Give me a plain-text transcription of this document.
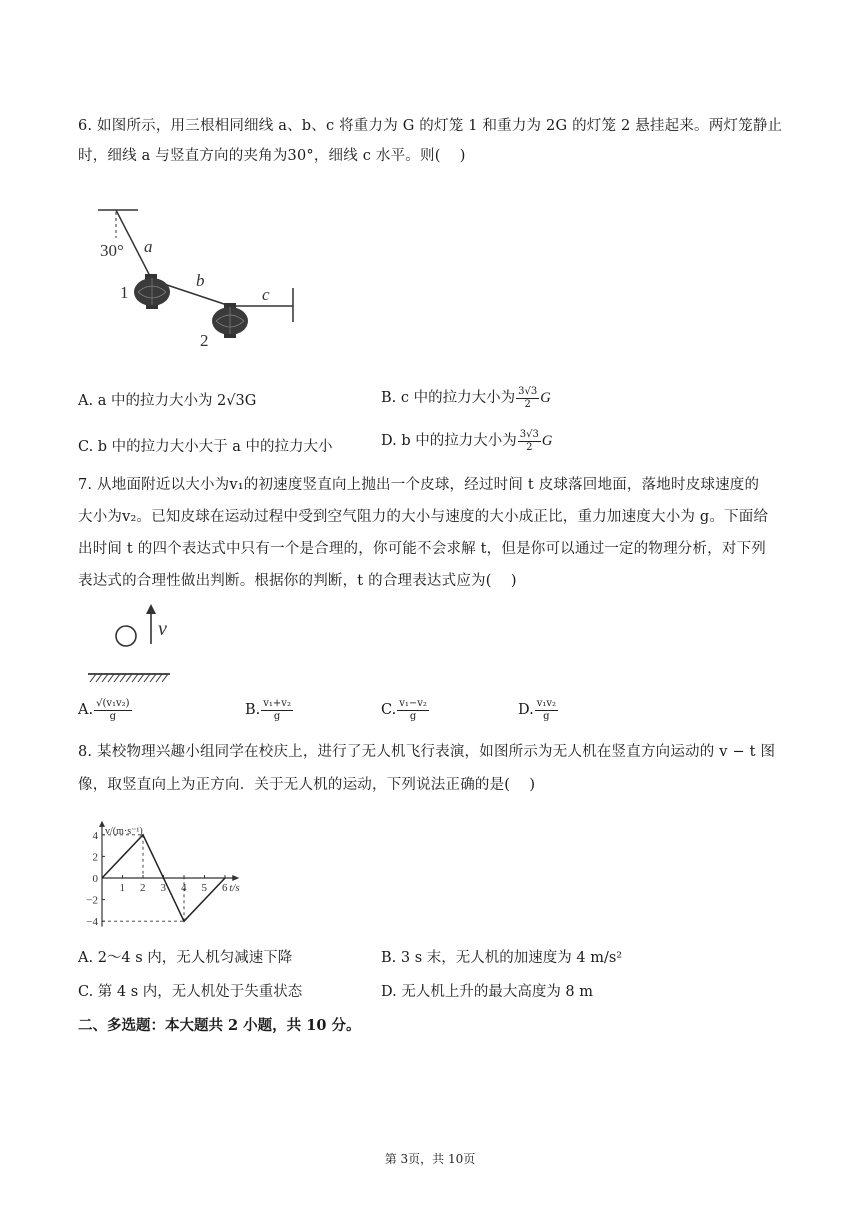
6. 如图所示，用三根相同细线 a、b、c 将重力为 G 的灯笼 1 和重力为 2G 的灯笼 2 悬挂起来。两灯笼静止
时，细线 a 与竖直方向的夹角为30°，细线 c 水平。则(    )
30° a
b
c
1
2
A. a 中的拉力大小为 2√3G	B. c 中的拉力大小为 $\frac{3√3}{2}$ G
C. b 中的拉力大小大于 a 中的拉力大小	D. b 中的拉力大小为 $\frac{3√3}{2}$ G
7. 从地面附近以大小为v₁的初速度竖直向上抛出一个皮球，经过时间 t 皮球落回地面，落地时皮球速度的
大小为v₂。已知皮球在运动过程中受到空气阻力的大小与速度的大小成正比，重力加速度大小为 g。下面给
出时间 t 的四个表达式中只有一个是合理的，你可能不会求解 t，但是你可以通过一定的物理分析，对下列
表达式的合理性做出判断。根据你的判断，t 的合理表达式应为(    )
v
A. $\frac{\text{√(v₁v₂)}}{g}$	B. $\frac{\text{v₁+v₂}}{g}$	C. $\frac{\text{v₁−v₂}}{g}$	D. $\frac{\text{v₁v₂}}{g}$
8. 某校物理兴趣小组同学在校庆上，进行了无人机飞行表演，如图所示为无人机在竖直方向运动的 v − t 图
像，取竖直向上为正方向．关于无人机的运动，下列说法正确的是(    )
v/(m·s⁻¹)
t/s
1 2 3 4 5 6
4
2
0
−2
−4
A. 2～4 s 内，无人机匀减速下降	B. 3 s 末，无人机的加速度为 4 m/s²
C. 第 4 s 内，无人机处于失重状态	D. 无人机上升的最大高度为 8 m
二、多选题：本大题共 2 小题，共 10 分。
第 3页，共 10页
